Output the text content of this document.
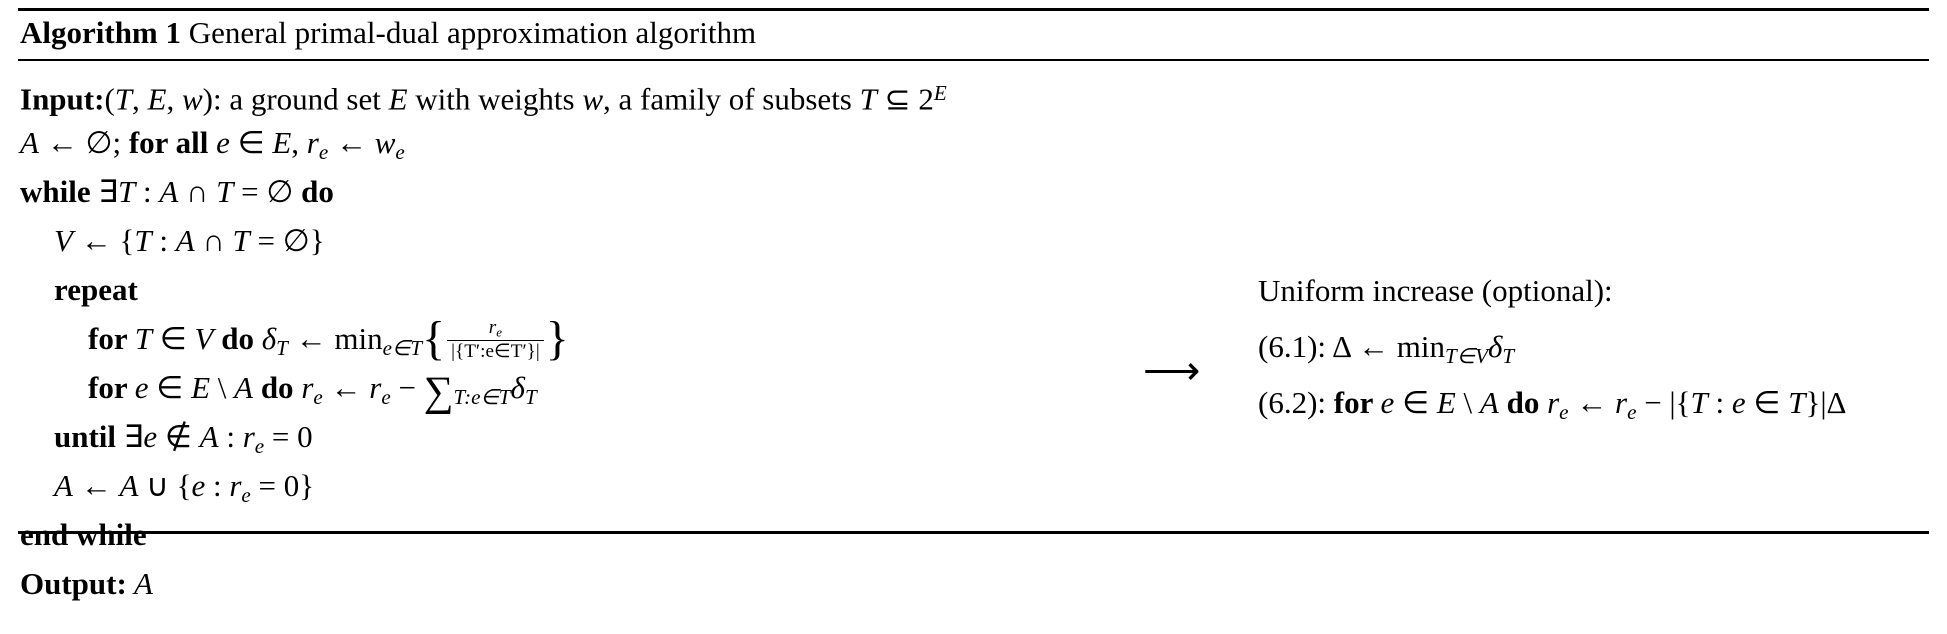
Algorithm 1 General primal-dual approximation algorithm
Input:(T, E, w): a ground set E with weights w, a family of subsets T ⊆ $2^E$
A ← ∅; for all e ∈ E, $r_e$ ← $w_e$
while ∃T : A ∩ T = ∅ do
V ← {T : A ∩ T = ∅}
repeat
for T ∈ V do $\delta_T$ ← $\min_{e\in T}\{ \frac{r_e}{|\{T':e\in T'\}|}$ }
for e ∈ E \ A do $r_e$ ← $r_e - \sum_{T:e\in T}\delta_T$
until ∃e ∉ A : $r_e = 0$
A ← A ∪ {e : $r_e = 0$}
end while
Output: A
⟶
Uniform increase (optional):
(6.1): Δ ← $\min_{T\in V}\delta_T$
(6.2): for e ∈ E \ A do $r_e$ ← $r_e - |\{T$ : e ∈ T}|Δ
